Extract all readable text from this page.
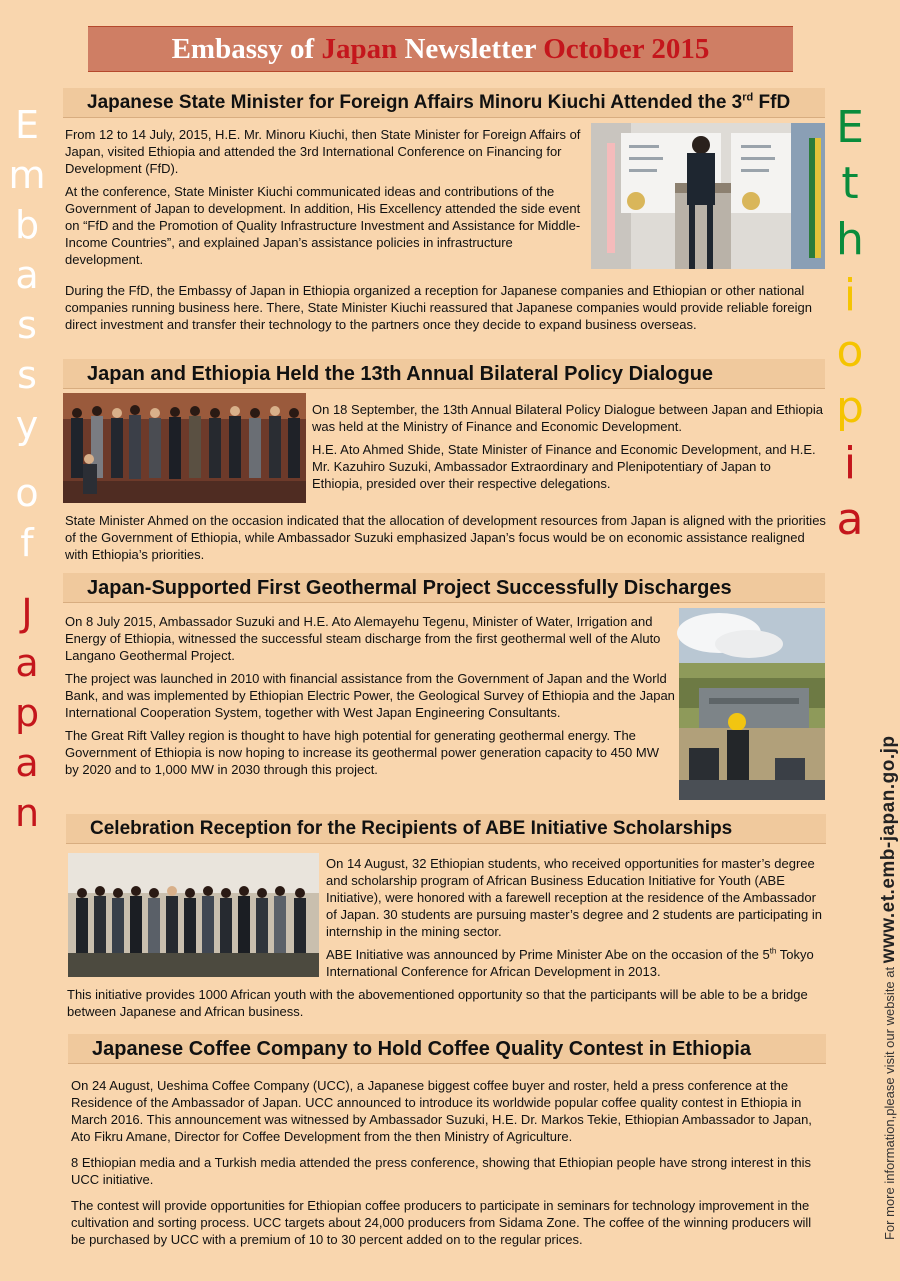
Embassy of Japan Newsletter October 2015
E
m
b
a
s
s
y
o
f
J
a
p
a
n
E
t
h
i
o
p
i
a
For more information,please visit our website at www.et.emb-japan.go.jp
Japanese State Minister for Foreign Affairs Minoru Kiuchi Attended the 3rd FfD

From 12 to 14 July, 2015, H.E. Mr. Minoru Kiuchi, then State Minister for Foreign Affairs of Japan, visited Ethiopia and attended the 3rd International Conference on Financing for Development (FfD).

At the conference, State Minister Kiuchi communicated ideas and contributions of the Government of Japan to development. In addition, His Excellency attended the side event on “FfD and the Promotion of Quality Infrastructure Investment and Assistance for Middle-Income Countries”, and explained Japan’s assistance policies in infrastructure development.

During the FfD, the Embassy of Japan in Ethiopia organized a reception for Japanese companies and Ethiopian or other national companies running business here. There, State Minister Kiuchi reassured that Japanese companies would provide reliable foreign direct investment and transfer their technology to the partners once they decide to expand business overseas.

Japan and Ethiopia Held the 13th Annual Bilateral Policy Dialogue

On 18 September, the 13th Annual Bilateral Policy Dialogue between Japan and Ethiopia was held at the Ministry of Finance and Economic Development.

H.E. Ato Ahmed Shide, State Minister of Finance and Economic Development, and H.E. Mr. Kazuhiro Suzuki, Ambassador Extraordinary and Plenipotentiary of Japan to Ethiopia, presided over their respective delegations.

State Minister Ahmed on the occasion indicated that the allocation of development resources from Japan is aligned with the priorities of the Government of Ethiopia, while Ambassador Suzuki emphasized Japan’s focus would be on economic assistance realigned with Ethiopia’s priorities.

Japan-Supported First Geothermal Project Successfully Discharges

On 8 July 2015, Ambassador Suzuki and H.E. Ato Alemayehu Tegenu, Minister of Water, Irrigation and Energy of Ethiopia, witnessed the successful steam discharge from the first geothermal well of the Aluto Langano Geothermal Project.

The project was launched in 2010 with financial assistance from the Government of Japan and the World Bank, and was implemented by Ethiopian Electric Power, the Geological Survey of Ethiopia and the Japan International Cooperation System, together with West Japan Engineering Consultants.

The Great Rift Valley region is thought to have high potential for generating geothermal energy. The Government of Ethiopia is now hoping to increase its geothermal power generation capacity to 450 MW by 2020 and to 1,000 MW in 2030 through this project.

Celebration Reception for the Recipients of ABE Initiative Scholarships

On 14 August, 32 Ethiopian students, who received opportunities for master’s degree and scholarship program of African Business Education Initiative for Youth (ABE Initiative), were honored with a farewell reception at the residence of the Ambassador of Japan. 30 students are pursuing master’s degree and 2 students are participating in internship in the mining sector.

ABE Initiative was announced by Prime Minister Abe on the occasion of the 5th Tokyo International Conference for African Development in 2013.

This initiative provides 1000 African youth with the abovementioned opportunity so that the participants will be able to be a bridge between Japanese and African business.

Japanese Coffee Company to Hold Coffee Quality Contest in Ethiopia

On 24 August, Ueshima Coffee Company (UCC), a Japanese biggest coffee buyer and roster, held a press conference at the Residence of the Ambassador of Japan. UCC announced to introduce its worldwide popular coffee quality contest in Ethiopia in March 2016. This announcement was witnessed by Ambassador Suzuki, H.E. Dr. Markos Tekie, Ethiopian Ambassador to Japan, Ato Fikru Amane, Director for Coffee Development from the then Ministry of Agriculture.

8 Ethiopian media and a Turkish media attended the press conference, showing that Ethiopian people have strong interest in this UCC initiative.

The contest will provide opportunities for Ethiopian coffee producers to participate in seminars for technology improvement in the cultivation and sorting process. UCC targets about 24,000 producers from Sidama Zone. The coffee of the winning producers will be purchased by UCC with a premium of 10 to 30 percent added on to the regular prices.
